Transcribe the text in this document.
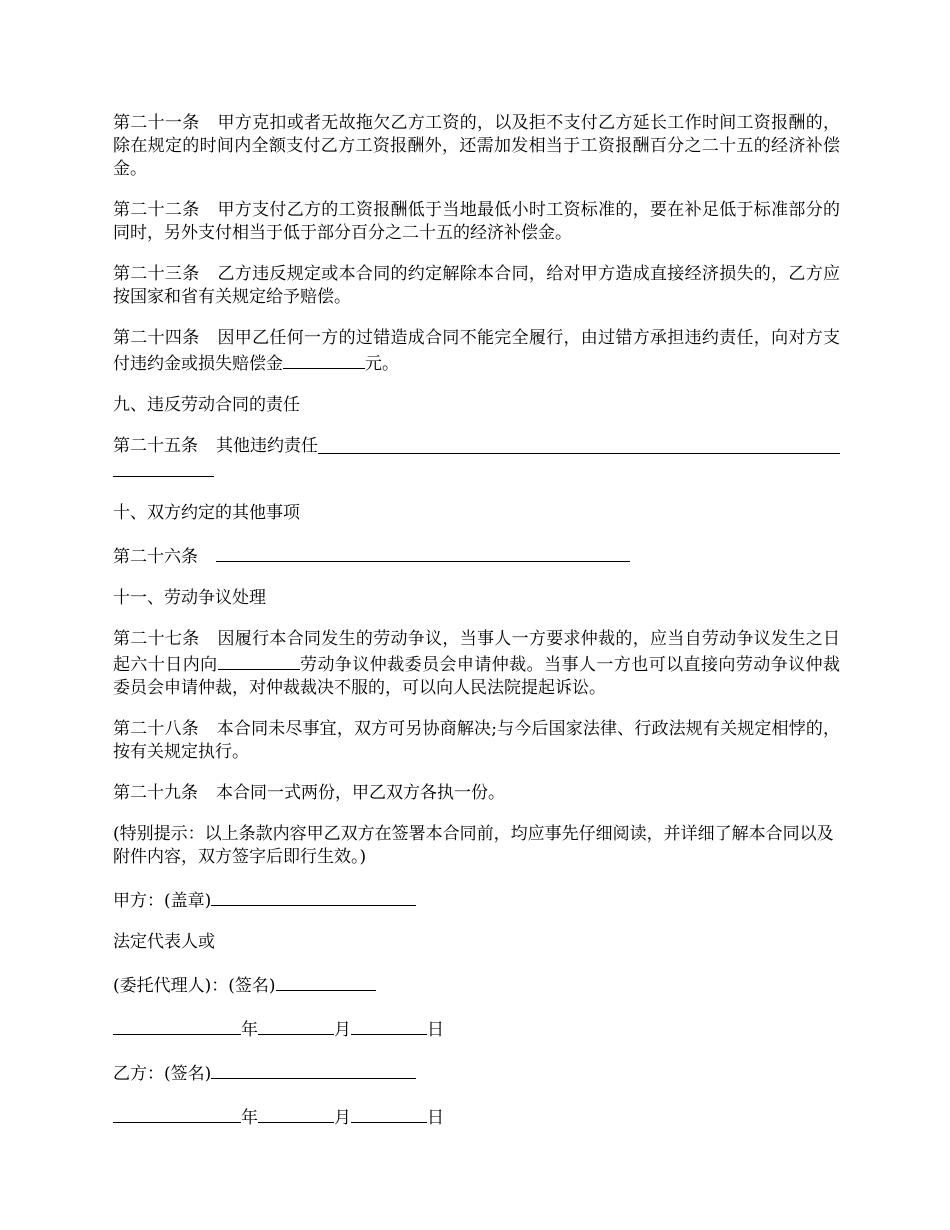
第二十一条 甲方克扣或者无故拖欠乙方工资的，以及拒不支付乙方延长工作时间工资报酬的，除在规定的时间内全额支付乙方工资报酬外，还需加发相当于工资报酬百分之二十五的经济补偿金。

第二十二条 甲方支付乙方的工资报酬低于当地最低小时工资标准的，要在补足低于标准部分的同时，另外支付相当于低于部分百分之二十五的经济补偿金。

第二十三条 乙方违反规定或本合同的约定解除本合同，给对甲方造成直接经济损失的，乙方应按国家和省有关规定给予赔偿。

第二十四条 因甲乙任何一方的过错造成合同不能完全履行，由过错方承担违约责任，向对方支付违约金或损失赔偿金	元。

九、违反劳动合同的责任

第二十五条 其他违约责任

十、双方约定的其他事项

第二十六条

十一、劳动争议处理

第二十七条 因履行本合同发生的劳动争议，当事人一方要求仲裁的，应当自劳动争议发生之日起六十日内向	劳动争议仲裁委员会申请仲裁。当事人一方也可以直接向劳动争议仲裁委员会申请仲裁，对仲裁裁决不服的，可以向人民法院提起诉讼。

第二十八条 本合同未尽事宜，双方可另协商解决;与今后国家法律、行政法规有关规定相悖的，按有关规定执行。

第二十九条 本合同一式两份，甲乙双方各执一份。

(特别提示：以上条款内容甲乙双方在签署本合同前，均应事先仔细阅读，并详细了解本合同以及附件内容，双方签字后即行生效。)

甲方：(盖章)

法定代表人或

(委托代理人)：(签名)

年	月	日

乙方：(签名)

年	月	日
